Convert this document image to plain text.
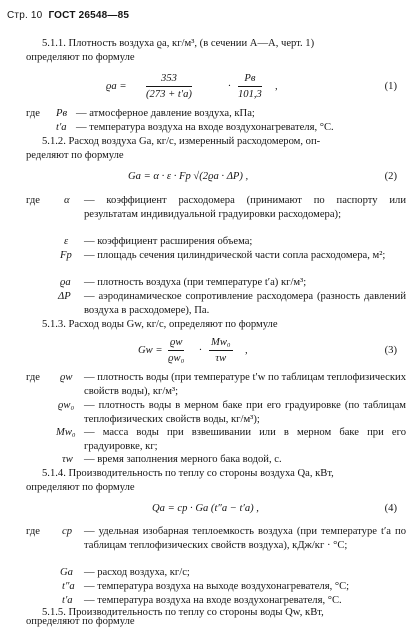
Стр. 10 ГОСТ 26548—85
5.1.1. Плотность воздуха ϱa, кг/м³, (в сечении А—А, черт. 1)
определяют по формуле
$ϱa = \frac{353}{(273 + t'a)}$	·
Pв
101,3
,	(1)
где Pв — атмосферное давление воздуха, кПа;
t′a — температура воздуха на входе воздухонагревателя, °C.
5.1.2. Расход воздуха Ga, кг/с, измеренный расходомером, оп-
ределяют по формуле
Ga = α · ε · Fp √(2ϱa · ΔP) ,	(2)
где α — коэффициент расходомера (принимают по паспорту или результатам индивидуальной градуировки расходомера);
ε — коэффициент расширения объема;
Fp — площадь сечения цилиндрической части сопла расходомера, м²;
ϱa — плотность воздуха (при температуре t′a) кг/м³;
ΔP — аэродинамическое сопротивление расходомера (разность давлений воздуха в расходомере), Па.
5.1.3. Расход воды Gw, кг/с, определяют по формуле
$Gw = \frac{ϱw}{\text{ϱw₀}} \cdot \frac{\text{Mw₀}}{\tau w}$ ,	(3)
где ϱw — плотность воды (при температуре t′w по таблицам теплофизических свойств воды), кг/м³;
ϱw₀ — плотность воды в мерном баке при его градуировке (по таблицам теплофизических свойств воды, кг/м³);
Mw₀ — масса воды при взвешивании или в мерном баке при его градуировке, кг;
τw — время заполнения мерного бака водой, с.
5.1.4. Производительность по теплу со стороны воздуха Qa, кВт,
определяют по формуле
Qa = cp · Ga (t″a − t′a) ,	(4)
где cp — удельная изобарная теплоемкость воздуха (при температуре t′a по таблицам теплофизических свойств воздуха), кДж/кг · °C;
Ga — расход воздуха, кг/с;
t″a — температура воздуха на выходе воздухонагревателя, °C;
t′a — температура воздуха на входе воздухонагревателя, °C.
5.1.5. Производительность по теплу со стороны воды Qw, кВт,
определяют по формуле
